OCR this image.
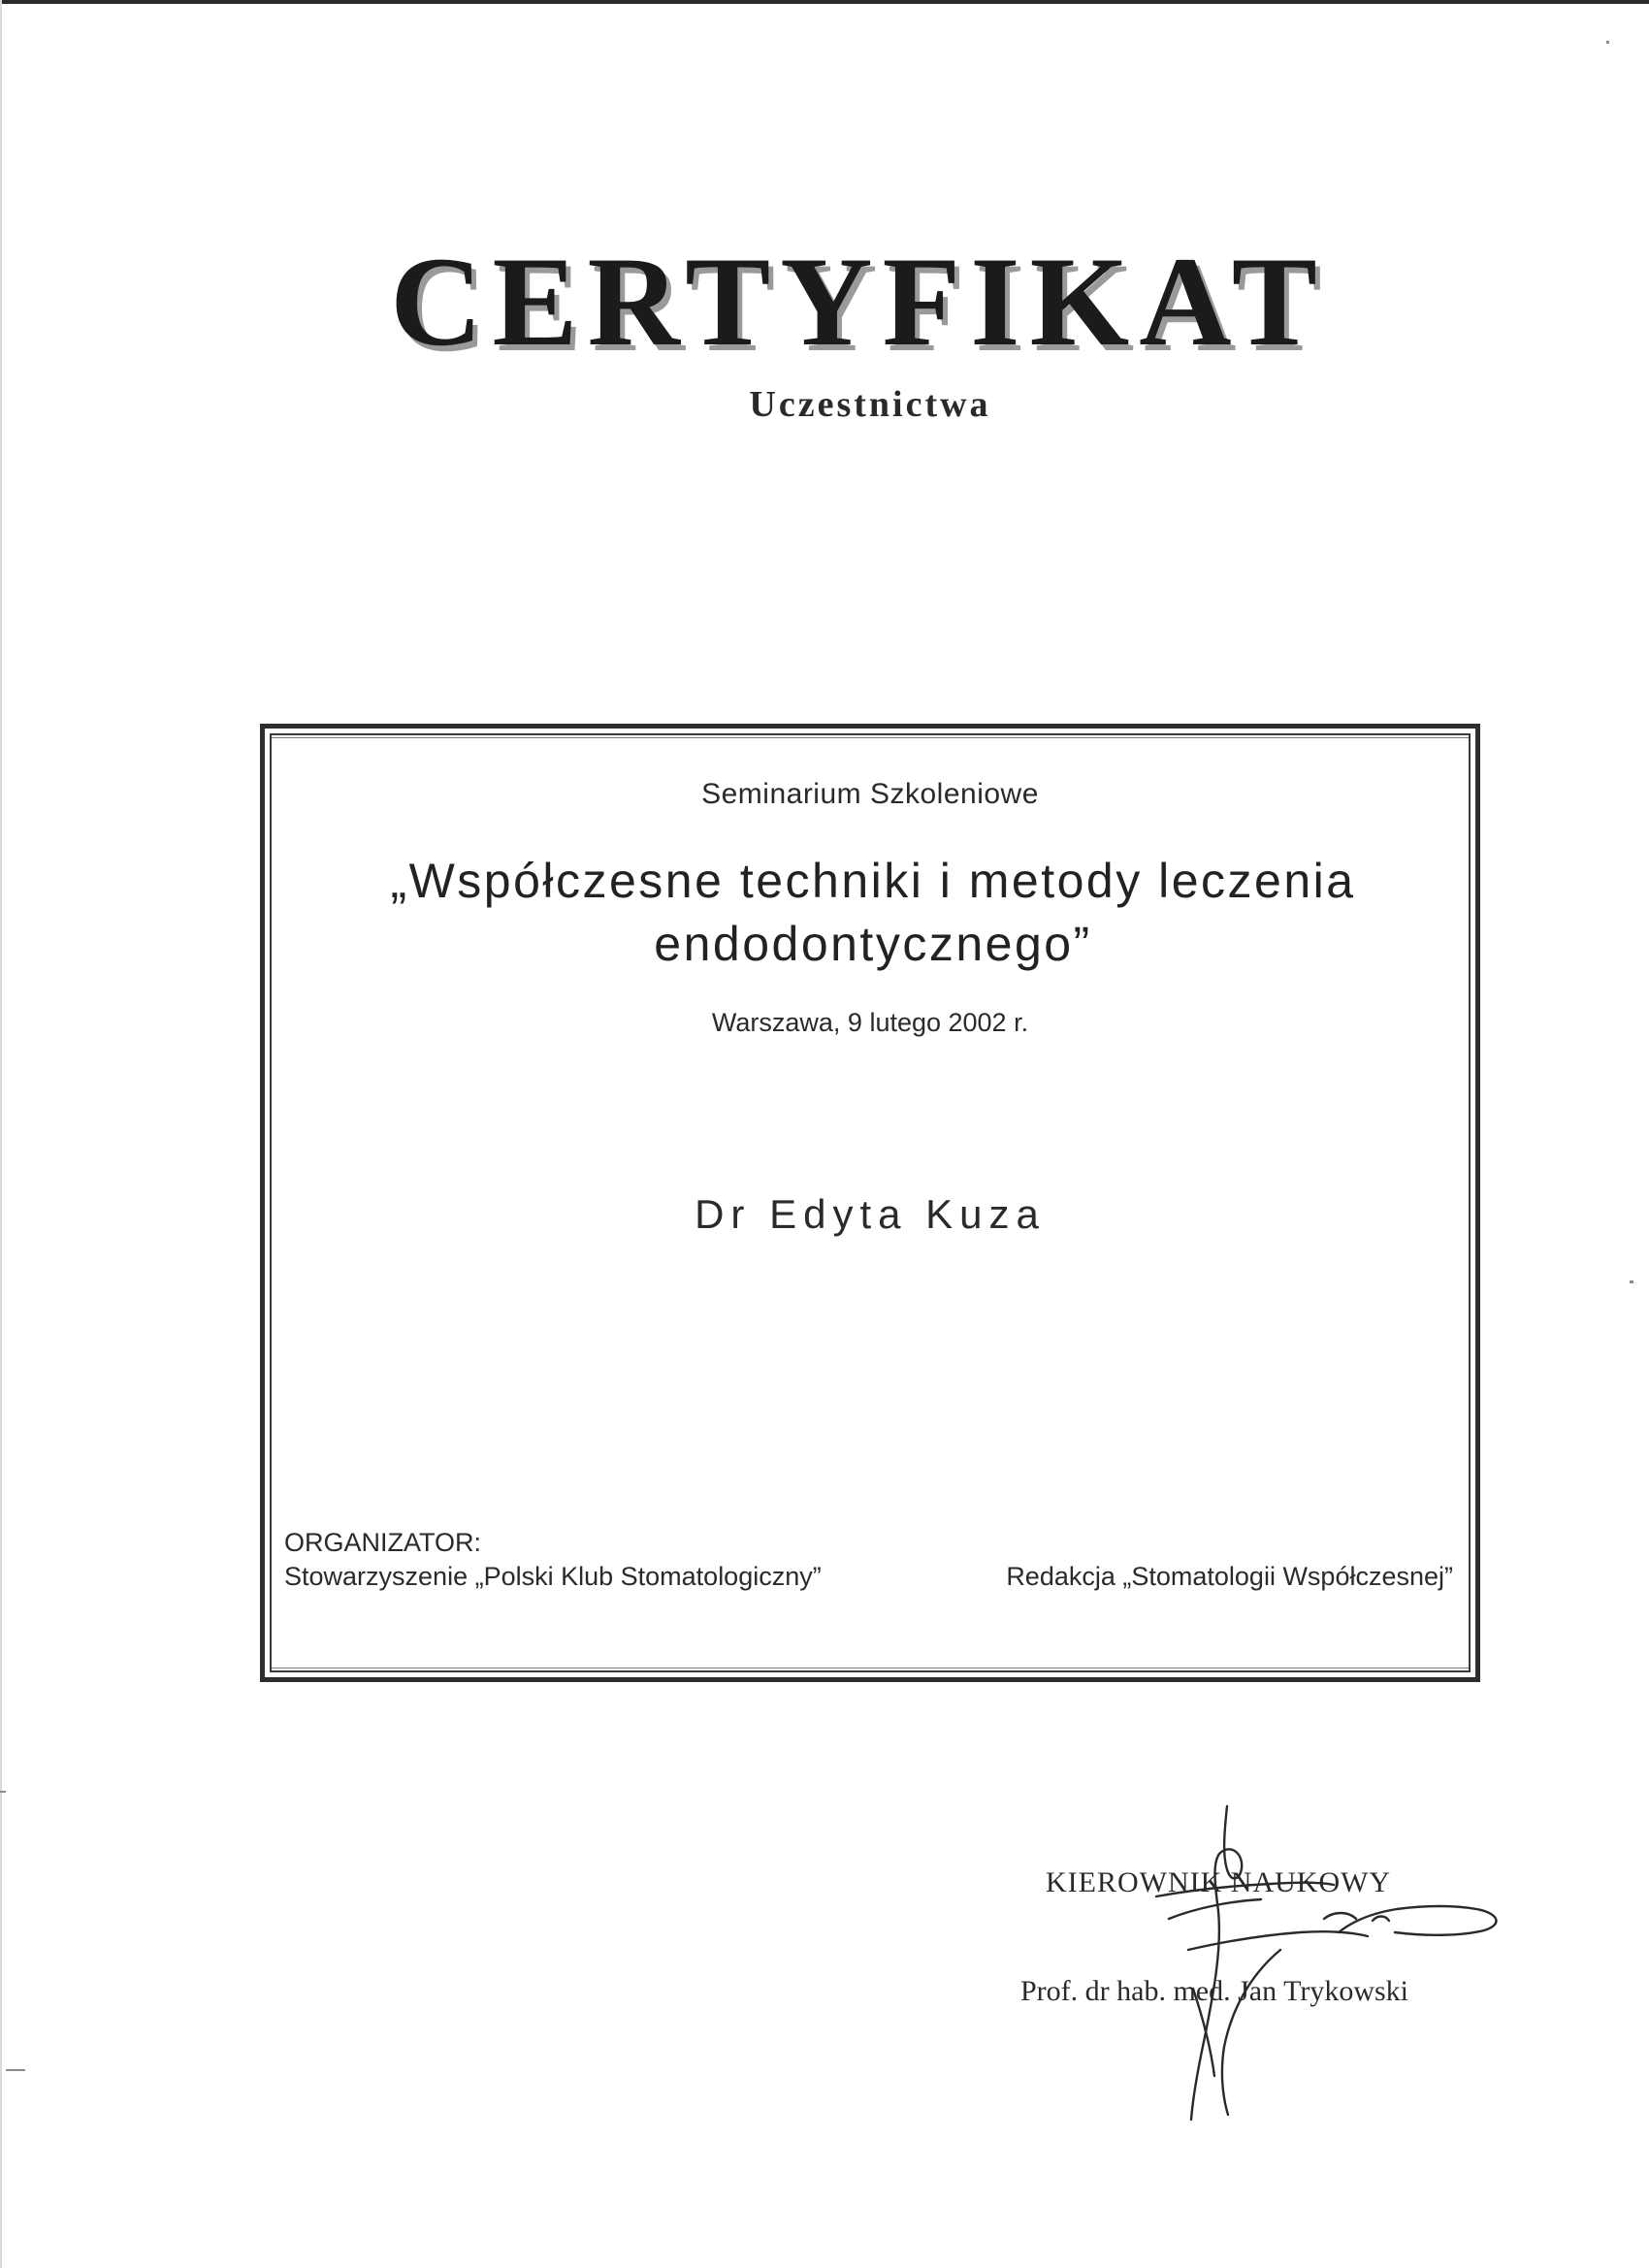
CERTYFIKAT
Uczestnictwa
Seminarium Szkoleniowe
„Współczesne techniki i metody leczenia
endodontycznego”
Warszawa, 9 lutego 2002 r.
Dr Edyta Kuza
ORGANIZATOR:
Stowarzyszenie „Polski Klub Stomatologiczny”	Redakcja „Stomatologii Współczesnej”
KIEROWNIK NAUKOWY
Prof. dr hab. med. Jan Trykowski
